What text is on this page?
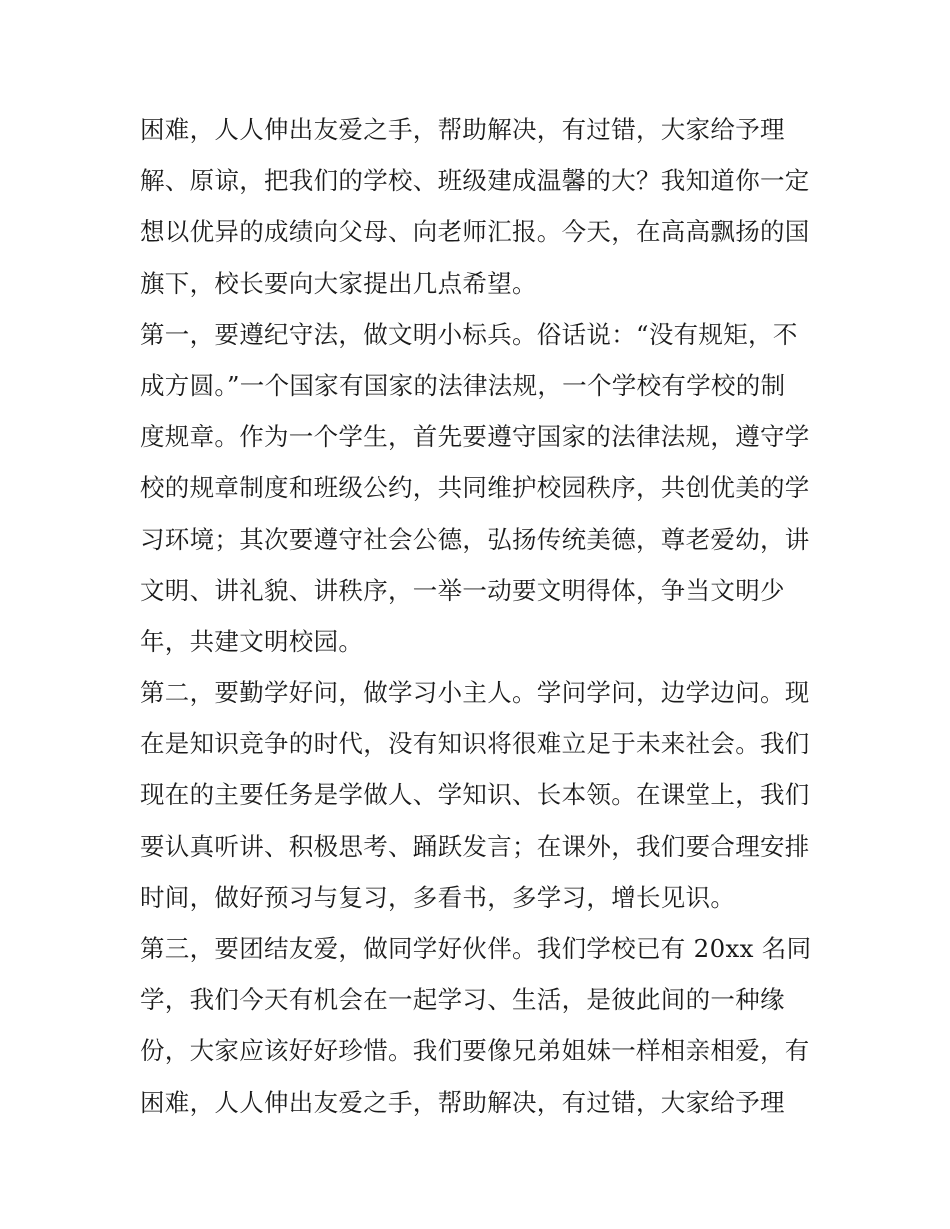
困难，人人伸出友爱之手，帮助解决，有过错，大家给予理
解、原谅，把我们的学校、班级建成温馨的大？我知道你一定
想以优异的成绩向父母、向老师汇报。今天，在高高飘扬的国
旗下，校长要向大家提出几点希望。
第一，要遵纪守法，做文明小标兵。俗话说：“没有规矩，不
成方圆。”一个国家有国家的法律法规，一个学校有学校的制
度规章。作为一个学生，首先要遵守国家的法律法规，遵守学
校的规章制度和班级公约，共同维护校园秩序，共创优美的学
习环境；其次要遵守社会公德，弘扬传统美德，尊老爱幼，讲
文明、讲礼貌、讲秩序，一举一动要文明得体，争当文明少
年，共建文明校园。
第二，要勤学好问，做学习小主人。学问学问，边学边问。现
在是知识竞争的时代，没有知识将很难立足于未来社会。我们
现在的主要任务是学做人、学知识、长本领。在课堂上，我们
要认真听讲、积极思考、踊跃发言；在课外，我们要合理安排
时间，做好预习与复习，多看书，多学习，增长见识。
第三，要团结友爱，做同学好伙伴。我们学校已有 20xx 名同
学，我们今天有机会在一起学习、生活，是彼此间的一种缘
份，大家应该好好珍惜。我们要像兄弟姐妹一样相亲相爱，有
困难，人人伸出友爱之手，帮助解决，有过错，大家给予理
